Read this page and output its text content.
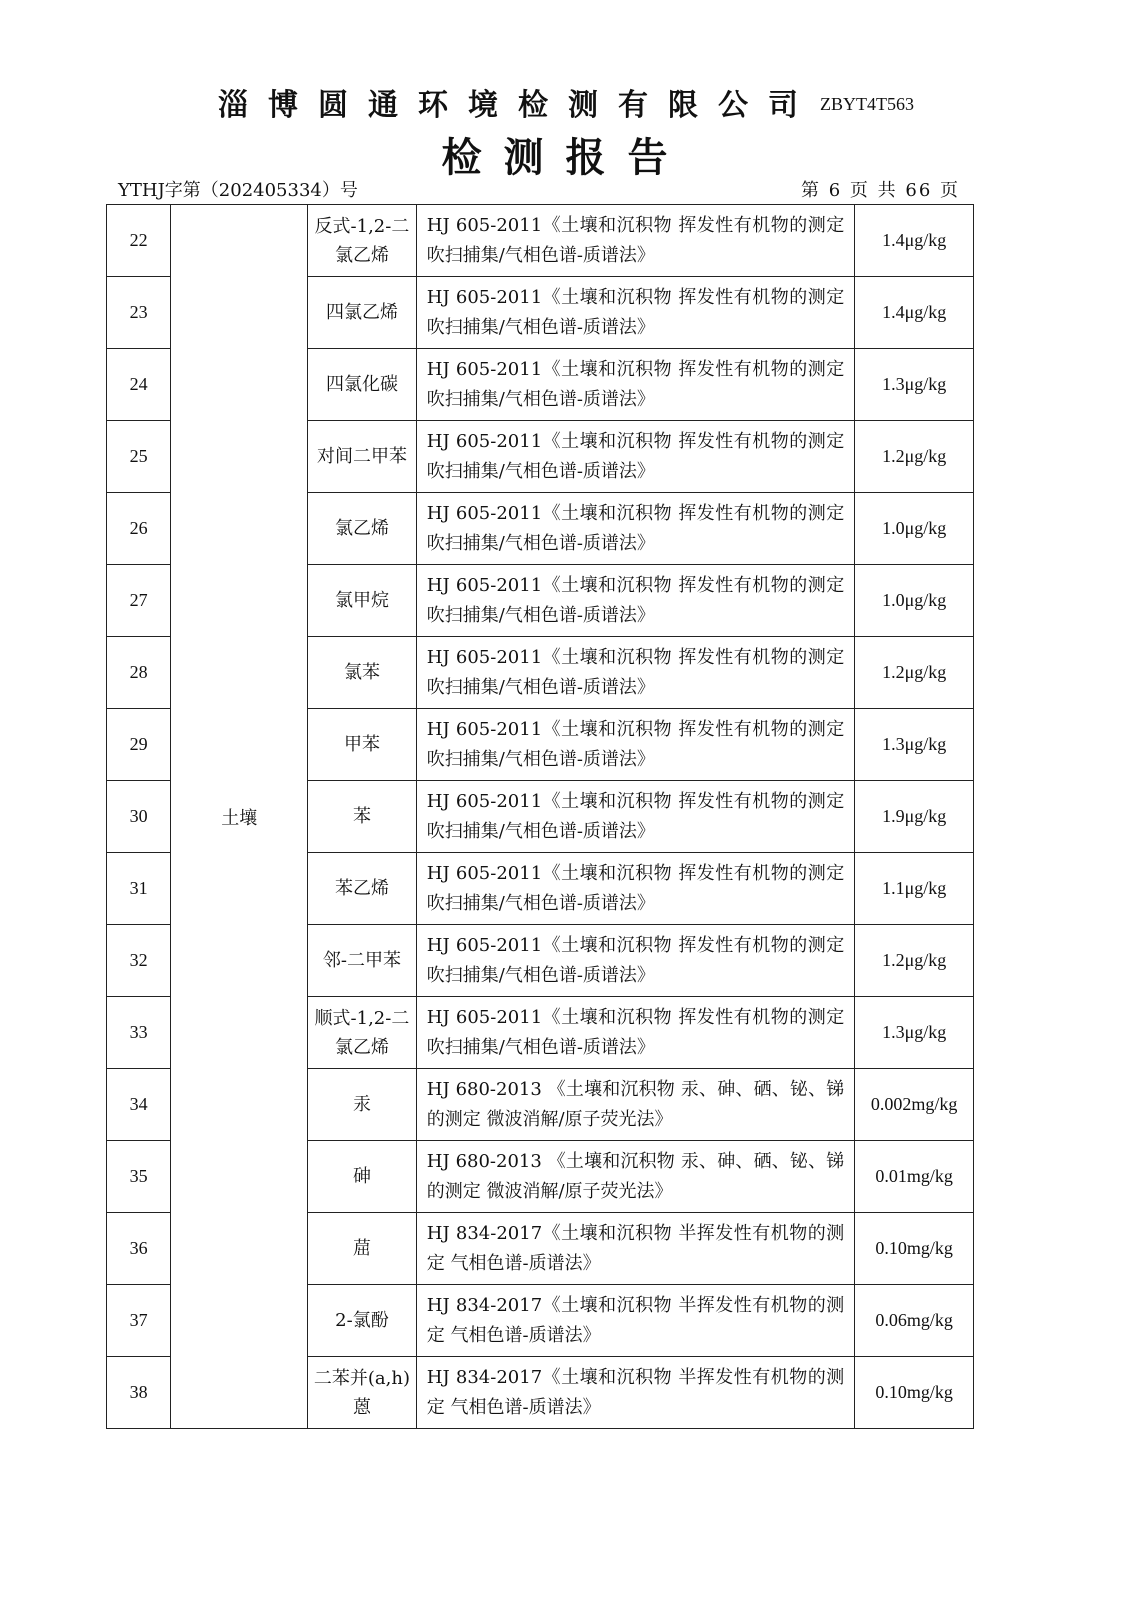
淄博圆通环境检测有限公司 ZBYT4T563
检测报告
YTHJ字第（202405334）号	第 6 页 共 66 页
22	土壤	反式-1,2-二氯乙烯	HJ 605-2011《土壤和沉积物 挥发性有机物的测定 吹扫捕集/气相色谱-质谱法》	1.4μg/kg
23		四氯乙烯	HJ 605-2011《土壤和沉积物 挥发性有机物的测定 吹扫捕集/气相色谱-质谱法》	1.4μg/kg
24		四氯化碳	HJ 605-2011《土壤和沉积物 挥发性有机物的测定 吹扫捕集/气相色谱-质谱法》	1.3μg/kg
25		对间二甲苯	HJ 605-2011《土壤和沉积物 挥发性有机物的测定 吹扫捕集/气相色谱-质谱法》	1.2μg/kg
26		氯乙烯	HJ 605-2011《土壤和沉积物 挥发性有机物的测定 吹扫捕集/气相色谱-质谱法》	1.0μg/kg
27		氯甲烷	HJ 605-2011《土壤和沉积物 挥发性有机物的测定 吹扫捕集/气相色谱-质谱法》	1.0μg/kg
28		氯苯	HJ 605-2011《土壤和沉积物 挥发性有机物的测定 吹扫捕集/气相色谱-质谱法》	1.2μg/kg
29		甲苯	HJ 605-2011《土壤和沉积物 挥发性有机物的测定 吹扫捕集/气相色谱-质谱法》	1.3μg/kg
30		苯	HJ 605-2011《土壤和沉积物 挥发性有机物的测定 吹扫捕集/气相色谱-质谱法》	1.9μg/kg
31		苯乙烯	HJ 605-2011《土壤和沉积物 挥发性有机物的测定 吹扫捕集/气相色谱-质谱法》	1.1μg/kg
32		邻-二甲苯	HJ 605-2011《土壤和沉积物 挥发性有机物的测定 吹扫捕集/气相色谱-质谱法》	1.2μg/kg
33		顺式-1,2-二氯乙烯	HJ 605-2011《土壤和沉积物 挥发性有机物的测定 吹扫捕集/气相色谱-质谱法》	1.3μg/kg
34		汞	HJ 680-2013 《土壤和沉积物 汞、砷、硒、铋、锑的测定 微波消解/原子荧光法》	0.002mg/kg
35		砷	HJ 680-2013 《土壤和沉积物 汞、砷、硒、铋、锑的测定 微波消解/原子荧光法》	0.01mg/kg
36		䓛	HJ 834-2017《土壤和沉积物 半挥发性有机物的测定 气相色谱-质谱法》	0.10mg/kg
37		2-氯酚	HJ 834-2017《土壤和沉积物 半挥发性有机物的测定 气相色谱-质谱法》	0.06mg/kg
38		二苯并(a,h)蒽	HJ 834-2017《土壤和沉积物 半挥发性有机物的测定 气相色谱-质谱法》	0.10mg/kg
